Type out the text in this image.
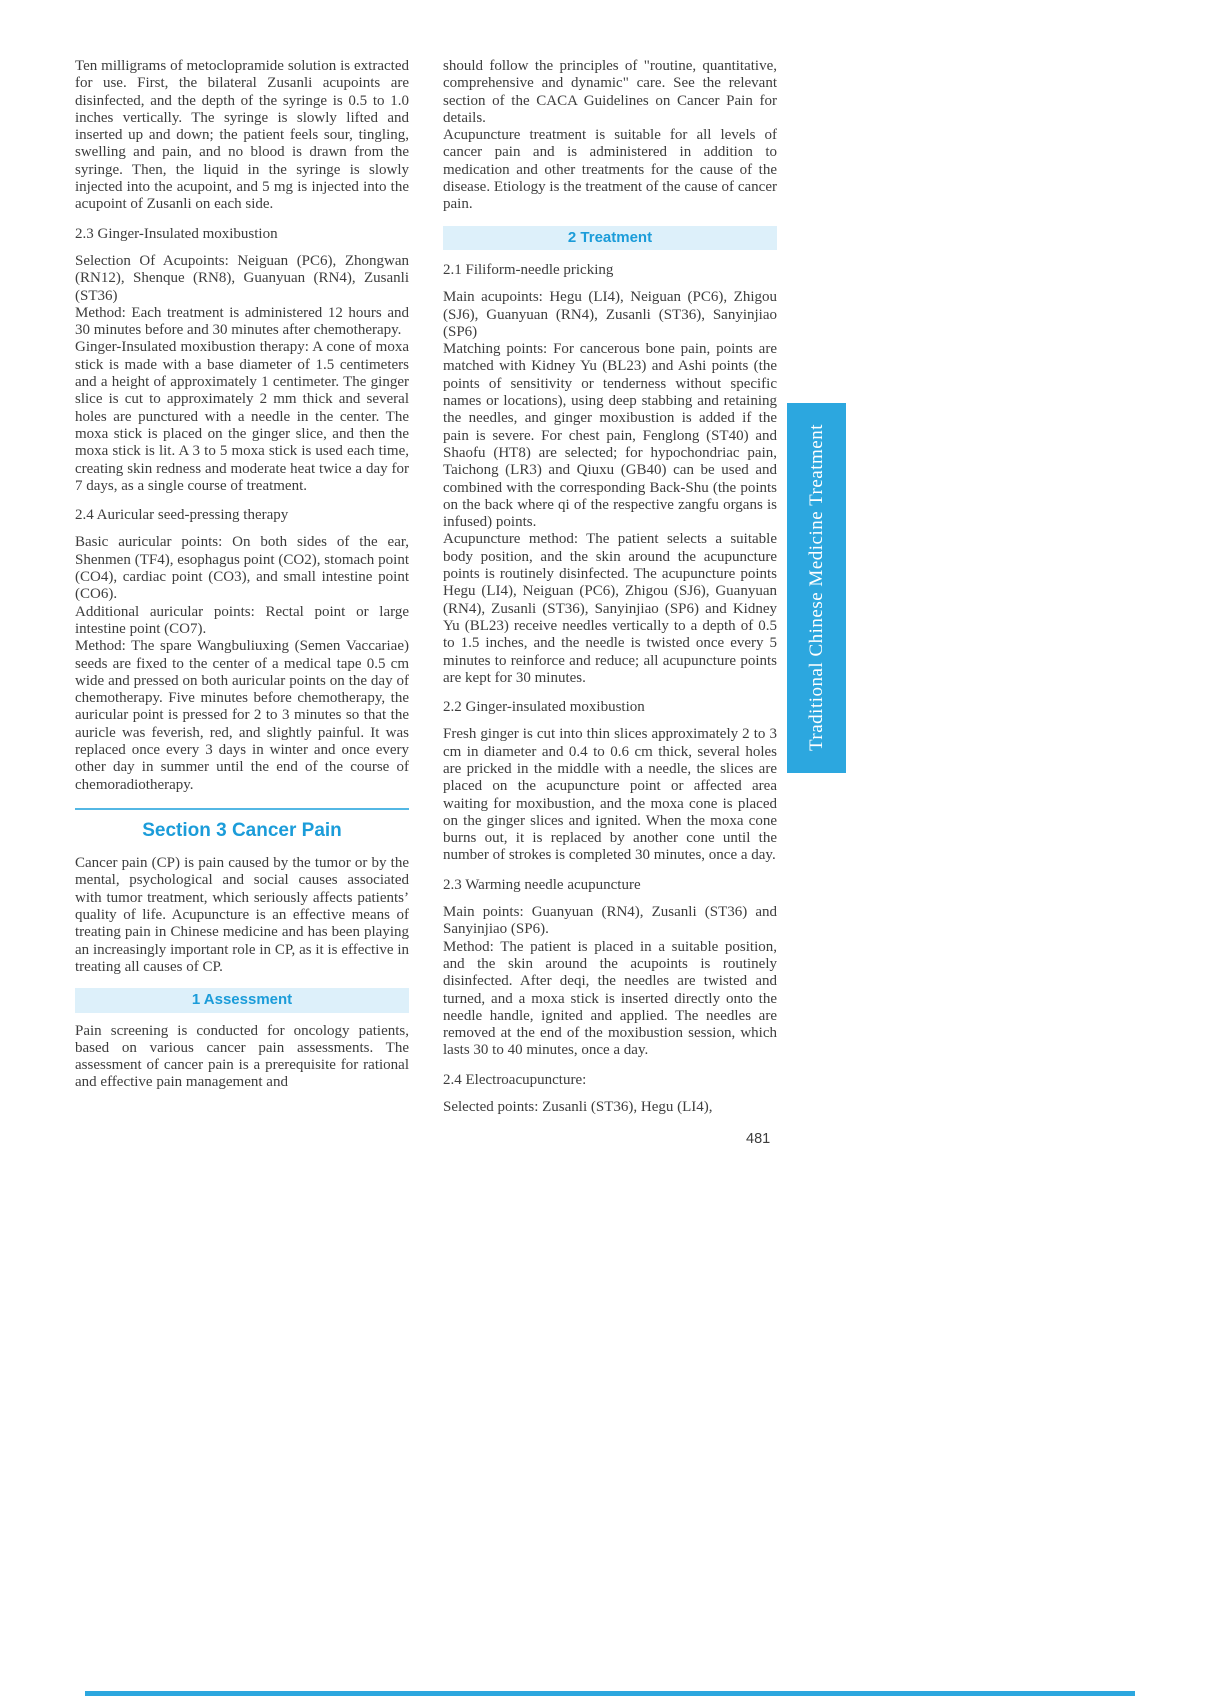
Ten milligrams of metoclopramide solution is extracted for use. First, the bilateral Zusanli acupoints are disinfected, and the depth of the syringe is 0.5 to 1.0 inches vertically. The syringe is slowly lifted and inserted up and down; the patient feels sour, tingling, swelling and pain, and no blood is drawn from the syringe. Then, the liquid in the syringe is slowly injected into the acupoint, and 5 mg is injected into the acupoint of Zusanli on each side.

2.3 Ginger-Insulated moxibustion

Selection Of Acupoints: Neiguan (PC6), Zhongwan (RN12), Shenque (RN8), Guanyuan (RN4), Zusanli (ST36)

Method: Each treatment is administered 12 hours and 30 minutes before and 30 minutes after chemotherapy.

Ginger-Insulated moxibustion therapy: A cone of moxa stick is made with a base diameter of 1.5 centimeters and a height of approximately 1 centimeter. The ginger slice is cut to approximately 2 mm thick and several holes are punctured with a needle in the center. The moxa stick is placed on the ginger slice, and then the moxa stick is lit. A 3 to 5 moxa stick is used each time, creating skin redness and moderate heat twice a day for 7 days, as a single course of treatment.

2.4 Auricular seed-pressing therapy

Basic auricular points: On both sides of the ear, Shenmen (TF4), esophagus point (CO2), stomach point (CO4), cardiac point (CO3), and small intestine point (CO6).

Additional auricular points: Rectal point or large intestine point (CO7).

Method: The spare Wangbuliuxing (Semen Vaccariae) seeds are fixed to the center of a medical tape 0.5 cm wide and pressed on both auricular points on the day of chemotherapy. Five minutes before chemotherapy, the auricular point is pressed for 2 to 3 minutes so that the auricle was feverish, red, and slightly painful. It was replaced once every 3 days in winter and once every other day in summer until the end of the course of chemoradiotherapy.

Section 3 Cancer Pain

Cancer pain (CP) is pain caused by the tumor or by the mental, psychological and social causes associated with tumor treatment, which seriously affects patients’ quality of life. Acupuncture is an effective means of treating pain in Chinese medicine and has been playing an increasingly important role in CP, as it is effective in treating all causes of CP.

1 Assessment

Pain screening is conducted for oncology patients, based on various cancer pain assessments. The assessment of cancer pain is a prerequisite for rational and effective pain management and

should follow the principles of "routine, quantitative, comprehensive and dynamic" care. See the relevant section of the CACA Guidelines on Cancer Pain for details.

Acupuncture treatment is suitable for all levels of cancer pain and is administered in addition to medication and other treatments for the cause of the disease. Etiology is the treatment of the cause of cancer pain.

2 Treatment

2.1 Filiform-needle pricking

Main acupoints: Hegu (LI4), Neiguan (PC6), Zhigou (SJ6), Guanyuan (RN4), Zusanli (ST36), Sanyinjiao (SP6)

Matching points: For cancerous bone pain, points are matched with Kidney Yu (BL23) and Ashi points (the points of sensitivity or tenderness without specific names or locations), using deep stabbing and retaining the needles, and ginger moxibustion is added if the pain is severe. For chest pain, Fenglong (ST40) and Shaofu (HT8) are selected; for hypochondriac pain, Taichong (LR3) and Qiuxu (GB40) can be used and combined with the corresponding Back-Shu (the points on the back where qi of the respective zangfu organs is infused) points.

Acupuncture method: The patient selects a suitable body position, and the skin around the acupuncture points is routinely disinfected. The acupuncture points Hegu (LI4), Neiguan (PC6), Zhigou (SJ6), Guanyuan (RN4), Zusanli (ST36), Sanyinjiao (SP6) and Kidney Yu (BL23) receive needles vertically to a depth of 0.5 to 1.5 inches, and the needle is twisted once every 5 minutes to reinforce and reduce; all acupuncture points are kept for 30 minutes.

2.2 Ginger-insulated moxibustion

Fresh ginger is cut into thin slices approximately 2 to 3 cm in diameter and 0.4 to 0.6 cm thick, several holes are pricked in the middle with a needle, the slices are placed on the acupuncture point or affected area waiting for moxibustion, and the moxa cone is placed on the ginger slices and ignited. When the moxa cone burns out, it is replaced by another cone until the number of strokes is completed 30 minutes, once a day.

2.3 Warming needle acupuncture

Main points: Guanyuan (RN4), Zusanli (ST36) and Sanyinjiao (SP6).

Method: The patient is placed in a suitable position, and the skin around the acupoints is routinely disinfected. After deqi, the needles are twisted and turned, and a moxa stick is inserted directly onto the needle handle, ignited and applied. The needles are removed at the end of the moxibustion session, which lasts 30 to 40 minutes, once a day.

2.4 Electroacupuncture:

Selected points: Zusanli (ST36), Hegu (LI4),

Traditional Chinese Medicine Treatment
481
